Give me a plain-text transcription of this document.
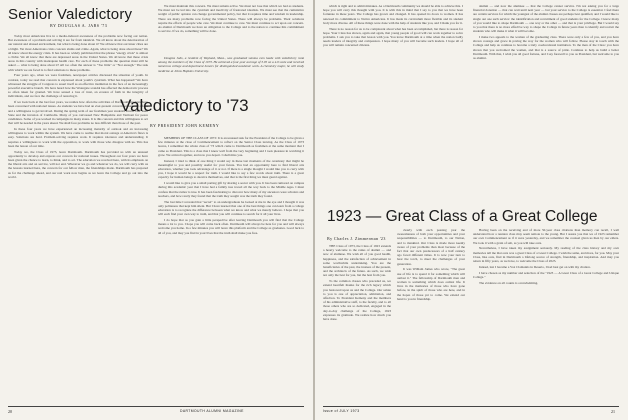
Senior Valedictory
BY DOUGLAS A. JABS '73

Today most Americans live in a media-induced awareness of the problems now facing our nation. But awareness of a problem and solving it are far from identical. We all know about the deterioration of our natural and abused environment, but what is being done about it? We all know that our inner cities are a blight. Yet most Americans crisis concern slums and crime. Again, what is being done about these? We all know about the energy crisis. It has been so widely publicized that the phrase "energy crisis" is almost a cliché. We all know that there are depressed areas in the United States. We all know that these crisis areas in this country with inadequate health care. For each of these problems the question must still be asked — what is being done about it? All too often the answer is "Too little" or "Not enough." The task with which we are faced is to find solutions to these problems.

Four years ago, when we were freshmen, newspaper articles discussed the situation of youth. In contrast, today we read that concern is expressed about youth's cynicism. What has happened? We have witnessed the struggle of Congress to assert itself as an effective institution in the face of an increasingly powerful executive branch. We have heard how the Watergate scandal has affected the democratic process so often taken for granted. We have sensed a loss of trust, an erosion of faith in the integrity of individuals, and we face the challenge of restoring it.

If we look back at the last four years, we realize how often the activities of Dartmouth students have been concerned with national issues. As students we have had an ever-present concern for national affairs and a willingness to get involved. During the spring term of our freshman year students struck over Kent State and the invasion of Cambodia. Many of you canvassed New Hampshire and Vermont for peace candidates. Some of you worked in campaigns in many states. It is this concern and this willingness to act that will be needed in the years ahead. We shall face problems no less difficult than those of the past.

In these four years we have experienced an increasing maturity of outlook and an increasing willingness to work within the system. We have come to realize that moral outrage at America's flaws is easy. Solutions are hard. Problem-solving requires work. It requires tolerance and understanding. It requires a willingness to work with the opposition, to work with those who disagree with us. This has been the lesson of our time.

Today we, the Class of 1973, leave Dartmouth. Dartmouth has provided us with an unusual opportunity to develop and express our concern for national issues. Throughout our four years we have been given the chance to learn, to think, and to act. The education we received here, with its emphasis on the liberal arts and on service, will not end. Wherever we go and whatever we do, we will carry with us the lessons learned here, the concern for our fellow man, the friendships made. Dartmouth has prepared us for the challenge ahead, and our real work now begins as we leave the College and go out into the world.

We must maintain this concern. We must remain active. We must not lose that which we had as students. We must not be led into the cynicism and inactivity of frustrated idealists. We must see that the cumulative weight of public opinion can change governmental policy, but that it requires time and wisdom in leadership. There are many problems now facing the United States. There will always be problems. Their solutions require the efforts of people who care. We must continue to care. We must continue to act upon our concern. As alumni of Dartmouth we have an obligation to the College and to the nation to continue this commitment to service. If we do, something will be done.

Douglas Jabs, a resident of Wayland, Mass., was graduated summa cum laude with valedictory rank among the members of the Class of 1973. He achieved a four-year average of 3.95 on a 4.0 scale and received numerous college and department honors for distinguished academic work. A chemistry major, he will study medicine at Johns Hopkins University.

Valedictory to '73
BY PRESIDENT JOHN KEMENY

MEMBERS OF THE CLASS OF 1973: It is an unusual task for the President of the College to be given a few minutes at the close of Commencement to reflect on the Senior Class leaving. As the Class of 1973 leaves, I remember the whole class of '73 which came to Dartmouth as freshmen at the same moment that I came as President. This is a class that I knew well from the very beginning and I took pleasure in watching it grow. We arrived together, and now you depart. I shall miss you.

Instead, I tried to think of one thing I would say in these last moments of the ceremony that might be meaningful to you and possibly useful for your future. You had an opportunity here to find liberal arts education, whether you took advantage of it or not. If there is a single thought I would like you to carry with you, I hope it would be a respect for truth. I would like to say a few words about truth. There is a great capacity for human beings to deceive themselves, and that is the first thing we must guard against.

I would like to give you a small parting gift by sharing a secret with you. It has been rumored on campus during this academic year that I have had a family tree traced all the way back to the Middle Ages. I must confess that the rumor is true. It has been fascinating to discover how many of my ancestors were scholars and teachers, and how rarely they found that the truth they sought was the truth they found.

The last time I revealed that "secret" to an undergraduate he looked at me in the eye and I thought it was only politeness that kept him silent. But I have learned that one of the best things one can learn from a college education is to recognize the difference between what we know and what we merely believe. I hope that you will each find your own way to truth, and that you will continue to search for it all your lives.

I do hope that as you gain a little perspective after leaving Dartmouth you will find that the College means a lot to you. I hope you will come back often. Dartmouth will always be here for you and will always welcome you home. In a few minutes you will leave this platform and the College as graduates. Good luck to all of you, and may you find in your lives that the truth shall make you free.

20	DARTMOUTH ALUMNI MAGAZINE

which is right and to admit mistakes. As a Dartmouth community we should be able to achieve this. I hope you will carry this thought with you. It is with this in mind that I say to you that we have been fortunate in these years. The College has grown and changed. It has opened its doors to women. It has renewed its commitment to Native Americans. It has made its curriculum more flexible and its student body more diverse. All of these things were done with the help of students like you, and I thank you for it.

There is no reason for us to be complacent about what has been accomplished, but there is reason for hope. Your Class has shown, again and again, that young people of good will can work together to solve problems. I ask you to take that lesson with you. You leave Dartmouth at a time when the nation badly needs leaders of integrity and compassion. I hope many of you will become such leaders. I hope all of you will remain concerned citizens.

alumni — and now the alumnae — that the College cannot survive. I'm not asking you for a large financial donation — that can wait until next year — but your service to the College is essential. I feel there are certain services for which the youngest of the alumni classes are perhaps best qualified, and I would like to single out one such service: the identification and recruitment of good students for the College. I know many of you would like to shape Dartmouth — one way or the other — and that is your privilege. But I would say to you that there is no more effective way to shape the College in future years than to identify and recruit the students who will make it what it will become.

I make two appeals to the women of the graduating class. There were only a few of you, and you have shown courage and grace in paving the way for the women who will follow. Please stay in touch with the College and help us continue to become a truly coeducational institution. To the men of the Class: you have shown that you welcomed the women, and that is a source of pride. Continue to help us build a better Dartmouth. With that, I wish you all good fortune, and I say farewell to you as President, but welcome to you as alumni.

1923 — Great Class of a Great College
By Charles J. Zimmerman '23

THE Class of 1973, the Class of 1923 extends a hearty welcome to the ranks of alumni — and now of alumnae. We wish all of you good health, happiness, and the satisfaction of achievement in some worthwhile undertaking. You are the beneficiaries of the past, the trustees of the present, and the architects of the future. As such, we wish not only the best for you, but the best from you.

To the common classes who preceded us, we extend heartfelt thanks for the rich legacy which you bestowed upon us and the College. Our salute to you is one of appreciation, admiration, and affection. To President Kemeny and the members of his administrative staff, to the faculty, and to all those others who are so dedicated, engaged in the day-to-day challenge of the College, 1923 expresses its gratitude. We realize how much you have done.

clearly with each passing year the awesomeness of both your opportunities and your responsibilities — to Dartmouth, to our Nation, and to mankind. Our Class is made more keenly aware of your problems than most because of the fact that our own predecessors of a half century ago faced different times. It is now your turn to bear the torch, to meet the challenges of your generation.

It was William James who wrote, "The great use of life is to spend it for something which will outlast it." The fellowship of Dartmouth men and women is something which does outlast life. It lives in the memories of those who have gone before, in the spirit of those who are here, and in the hopes of those yet to come. We extend our hand to you in friendship.

Having been on the receiving end of more 50-year class citations than memory can recall, I well understand how a reunion class may seem remote to the young. But I assure you that we of 1923 remember our own Commencement as if it were yesterday, and we remember the counsel given us then by our elders. We took it with a grain of salt, as you will take ours.

Nevertheless, I have taken my assignment seriously. My reading of the class history and my own memories tell me that ours was a great Class of a Great College. I wish the same, and more, for you. May your Class, like ours, find in Dartmouth a lifelong source of strength, friendship, and inspiration. And may you return in fifty years, as we have, to welcome the Class of 2023.

Indeed, last I became a Vox Clamantis in Deserto, I had best get on with my citation.

I have chosen as my number and selection of the "1923 — A Great Class of a Great College and Unique College."

The evidence on all counts is overwhelming.

Issue of JULY 1973	21
